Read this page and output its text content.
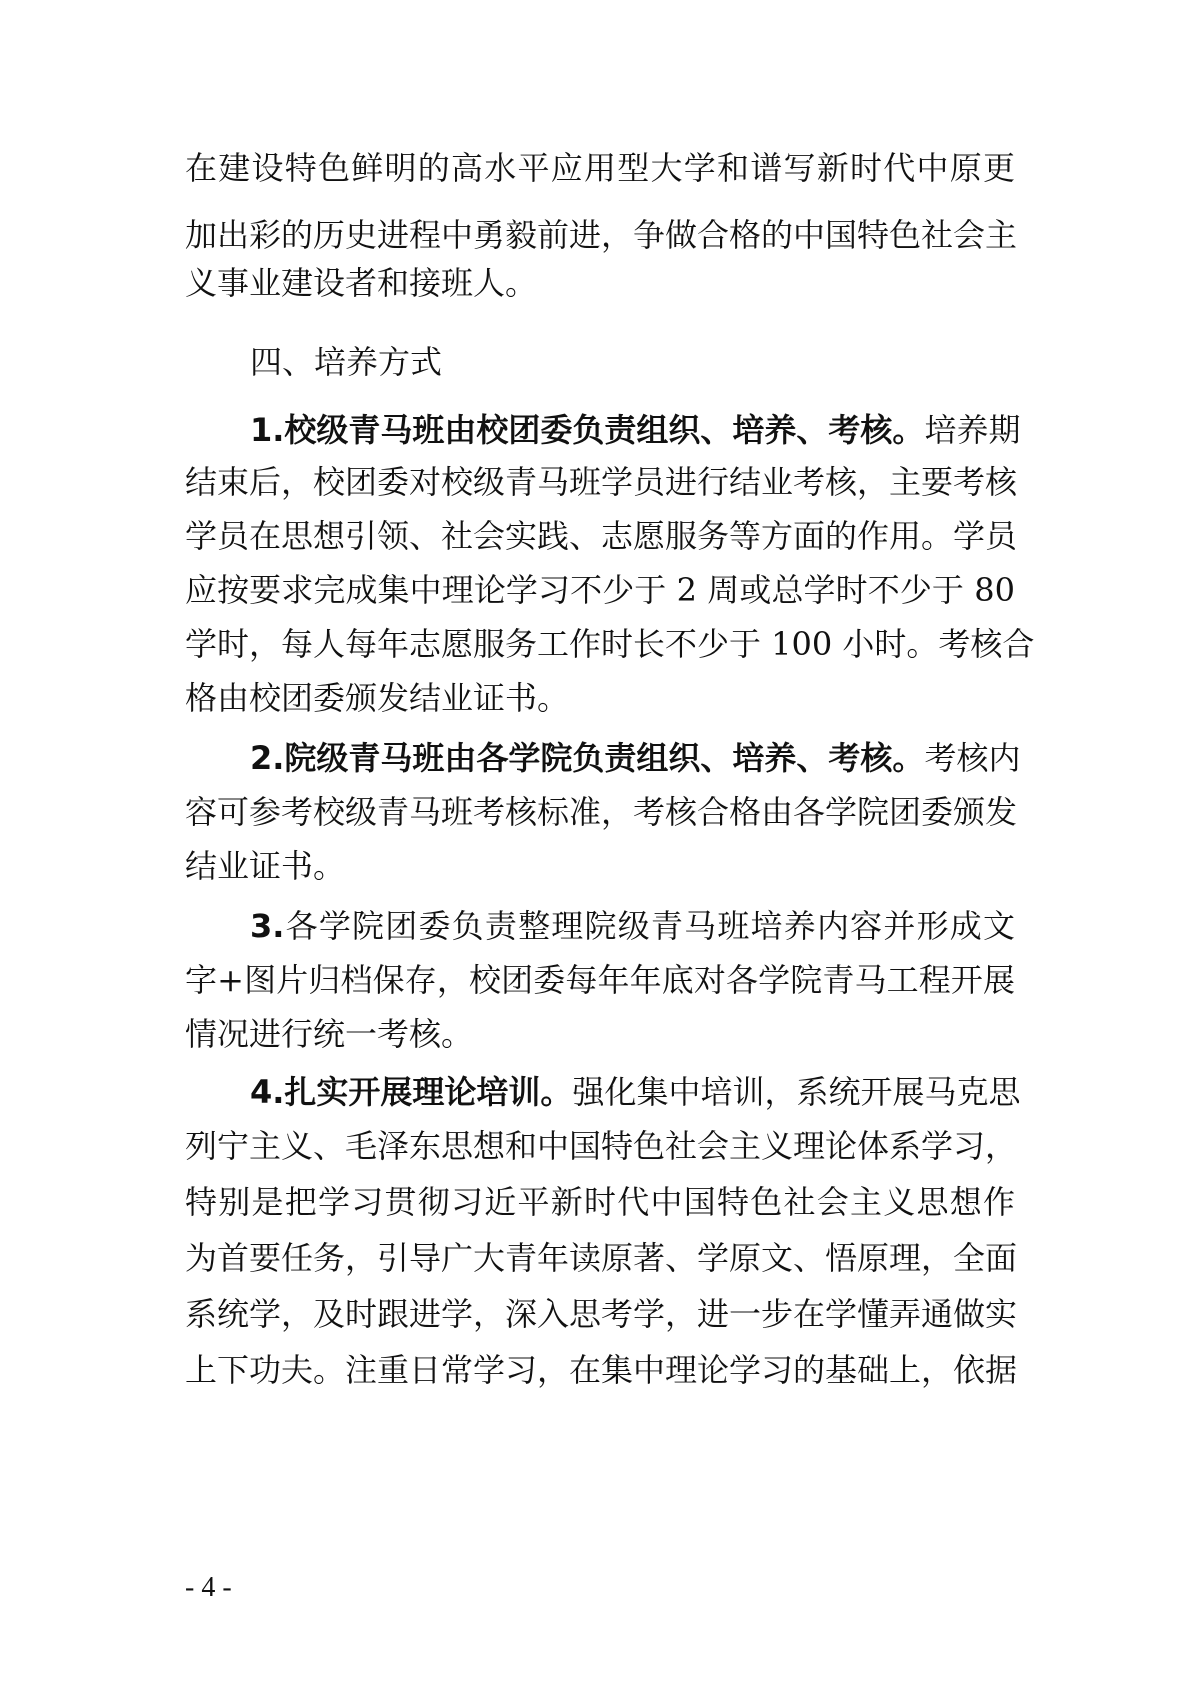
在建设特色鲜明的高水平应用型大学和谱写新时代中原更
加出彩的历史进程中勇毅前进，争做合格的中国特色社会主
义事业建设者和接班人。
四、培养方式
1.校级青马班由校团委负责组织、培养、考核。培养期
结束后，校团委对校级青马班学员进行结业考核，主要考核
学员在思想引领、社会实践、志愿服务等方面的作用。学员
应按要求完成集中理论学习不少于 2 周或总学时不少于 80
学时，每人每年志愿服务工作时长不少于 100 小时。考核合
格由校团委颁发结业证书。
2.院级青马班由各学院负责组织、培养、考核。考核内
容可参考校级青马班考核标准，考核合格由各学院团委颁发
结业证书。
3.各学院团委负责整理院级青马班培养内容并形成文
字+图片归档保存，校团委每年年底对各学院青马工程开展
情况进行统一考核。
4.扎实开展理论培训。强化集中培训，系统开展马克思
列宁主义、毛泽东思想和中国特色社会主义理论体系学习，
特别是把学习贯彻习近平新时代中国特色社会主义思想作
为首要任务，引导广大青年读原著、学原文、悟原理，全面
系统学，及时跟进学，深入思考学，进一步在学懂弄通做实
上下功夫。注重日常学习，在集中理论学习的基础上，依据
- 4 -
